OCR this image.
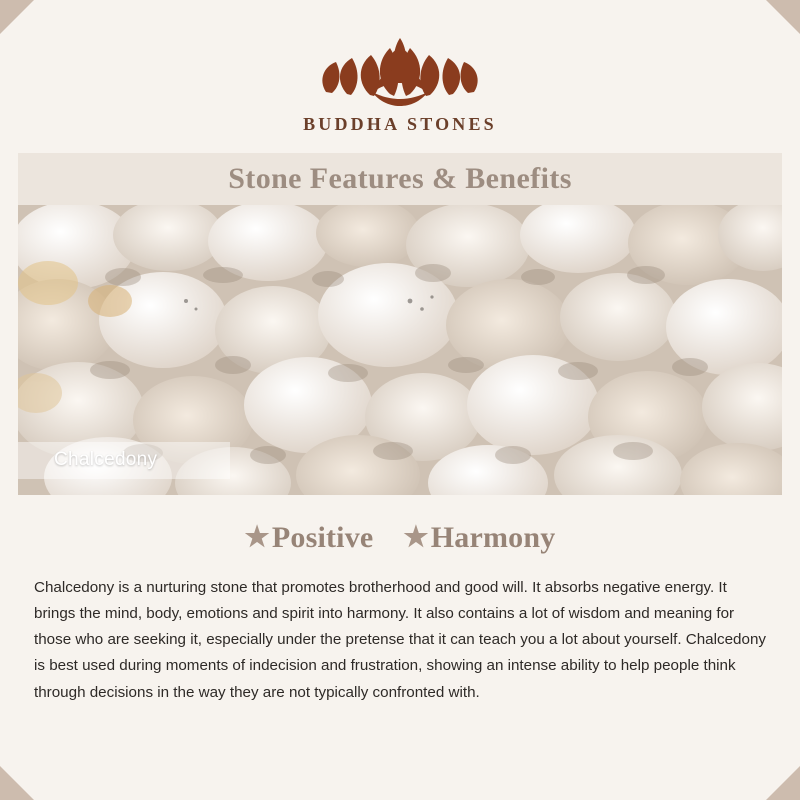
BUDDHA STONES
Stone Features & Benefits
Chalcedony
★ Positive ★ Harmony

Chalcedony is a nurturing stone that promotes brotherhood and good will. It absorbs negative energy. It brings the mind, body, emotions and spirit into harmony. It also contains a lot of wisdom and meaning for those who are seeking it, especially under the pretense that it can teach you a lot about yourself. Chalcedony is best used during moments of indecision and frustration, showing an intense ability to help people think through decisions in the way they are not typically confronted with.
